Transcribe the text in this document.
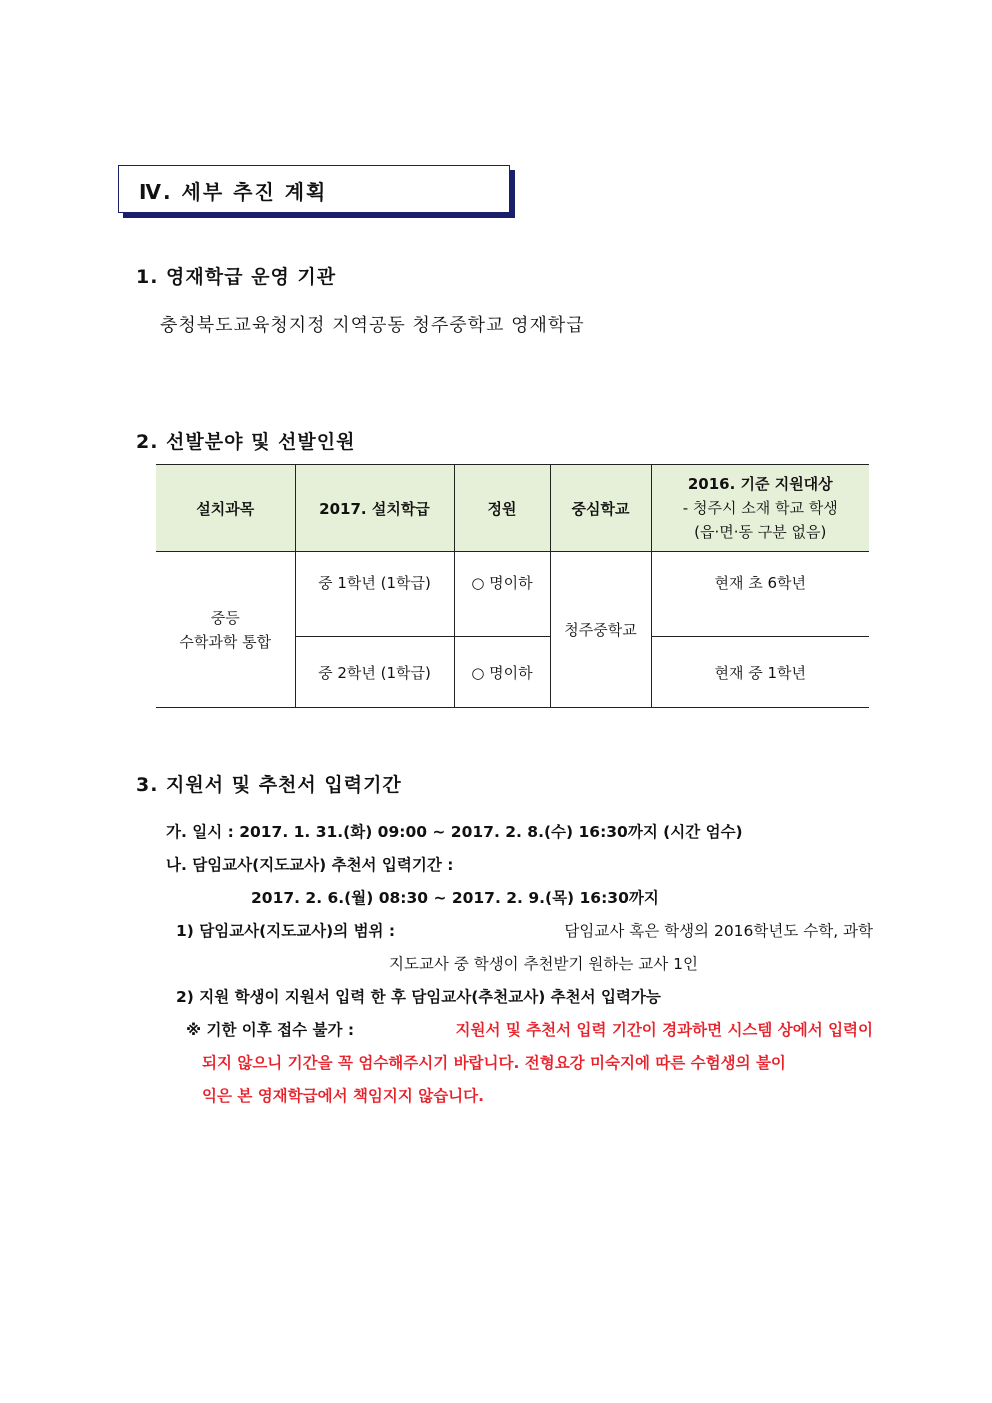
Ⅳ. 세부 추진 계획
1. 영재학급 운영 기관
충청북도교육청지정 지역공동 청주중학교 영재학급
2. 선발분야 및 선발인원
설치과목	2017. 설치학급	정원	중심학교	2016. 기준 지원대상
- 청주시 소재 학교 학생
(읍·면·동 구분 없음)

중등
수학과학 통합	중 1학년 (1학급)	○ 명이하	청주중학교	현재 초 6학년
	중 2학년 (1학급)	○ 명이하		현재 중 1학년
3. 지원서 및 추천서 입력기간
가. 일시 : 2017. 1. 31.(화) 09:00 ~ 2017. 2. 8.(수) 16:30까지 (시간 엄수)
나. 담임교사(지도교사) 추천서 입력기간 :
2017. 2. 6.(월) 08:30 ~ 2017. 2. 9.(목) 16:30까지
1) 담임교사(지도교사)의 범위 :	담임교사 혹은 학생의 2016학년도 수학, 과학
지도교사 중 학생이 추천받기 원하는 교사 1인
2) 지원 학생이 지원서 입력 한 후 담임교사(추천교사) 추천서 입력가능
※ 기한 이후 접수 불가 :	지원서 및 추천서 입력 기간이 경과하면 시스템 상에서 입력이
되지 않으니 기간을 꼭 엄수해주시기 바랍니다. 전형요강 미숙지에 따른 수험생의 불이
익은 본 영재학급에서 책임지지 않습니다.
